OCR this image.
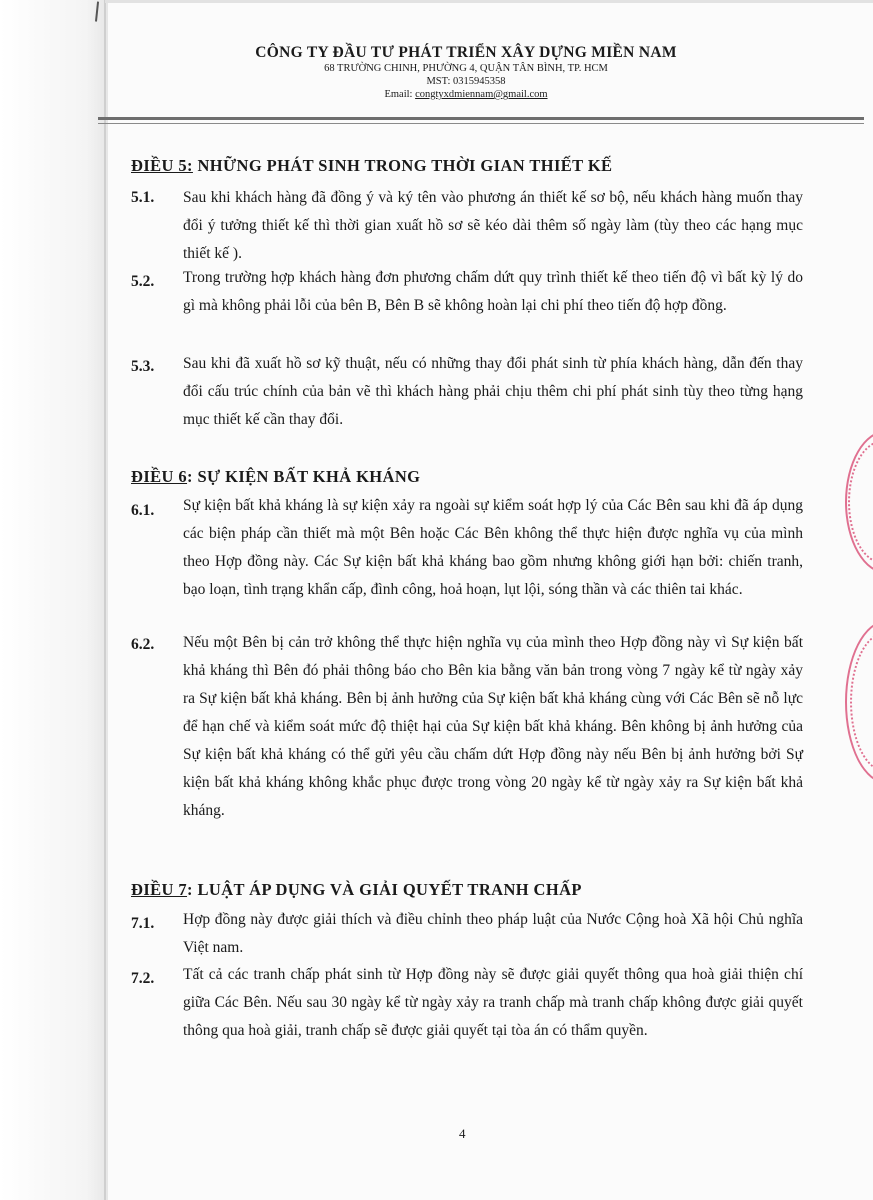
CÔNG TY ĐẦU TƯ PHÁT TRIỂN XÂY DỰNG MIỀN NAM
68 TRƯỜNG CHINH, PHƯỜNG 4, QUẬN TÂN BÌNH, TP. HCM
MST: 0315945358
Email: congtyxdmiennam@gmail.com
ĐIỀU 5: NHỮNG PHÁT SINH TRONG THỜI GIAN THIẾT KẾ
5.1. Sau khi khách hàng đã đồng ý và ký tên vào phương án thiết kế sơ bộ, nếu khách hàng muốn thay đổi ý tưởng thiết kế thì thời gian xuất hồ sơ sẽ kéo dài thêm số ngày làm (tùy theo các hạng mục thiết kế ).
5.2. Trong trường hợp khách hàng đơn phương chấm dứt quy trình thiết kế theo tiến độ vì bất kỳ lý do gì mà không phải lỗi của bên B, Bên B sẽ không hoàn lại chi phí theo tiến độ hợp đồng.
5.3. Sau khi đã xuất hồ sơ kỹ thuật, nếu có những thay đổi phát sinh từ phía khách hàng, dẫn đến thay đổi cấu trúc chính của bản vẽ thì khách hàng phải chịu thêm chi phí phát sinh tùy theo từng hạng mục thiết kế cần thay đổi.
ĐIỀU 6: SỰ KIỆN BẤT KHẢ KHÁNG
6.1. Sự kiện bất khả kháng là sự kiện xảy ra ngoài sự kiểm soát hợp lý của Các Bên sau khi đã áp dụng các biện pháp cần thiết mà một Bên hoặc Các Bên không thể thực hiện được nghĩa vụ của mình theo Hợp đồng này. Các Sự kiện bất khả kháng bao gồm nhưng không giới hạn bởi: chiến tranh, bạo loạn, tình trạng khẩn cấp, đình công, hoả hoạn, lụt lội, sóng thần và các thiên tai khác.
6.2. Nếu một Bên bị cản trở không thể thực hiện nghĩa vụ của mình theo Hợp đồng này vì Sự kiện bất khả kháng thì Bên đó phải thông báo cho Bên kia bằng văn bản trong vòng 7 ngày kể từ ngày xảy ra Sự kiện bất khả kháng. Bên bị ảnh hưởng của Sự kiện bất khả kháng cùng với Các Bên sẽ nỗ lực để hạn chế và kiểm soát mức độ thiệt hại của Sự kiện bất khả kháng. Bên không bị ảnh hưởng của Sự kiện bất khả kháng có thể gửi yêu cầu chấm dứt Hợp đồng này nếu Bên bị ảnh hưởng bởi Sự kiện bất khả kháng không khắc phục được trong vòng 20 ngày kể từ ngày xảy ra Sự kiện bất khả kháng.
ĐIỀU 7: LUẬT ÁP DỤNG VÀ GIẢI QUYẾT TRANH CHẤP
7.1. Hợp đồng này được giải thích và điều chỉnh theo pháp luật của Nước Cộng hoà Xã hội Chủ nghĩa Việt nam.
7.2. Tất cả các tranh chấp phát sinh từ Hợp đồng này sẽ được giải quyết thông qua hoà giải thiện chí giữa Các Bên. Nếu sau 30 ngày kể từ ngày xảy ra tranh chấp mà tranh chấp không được giải quyết thông qua hoà giải, tranh chấp sẽ được giải quyết tại tòa án có thẩm quyền.
4
